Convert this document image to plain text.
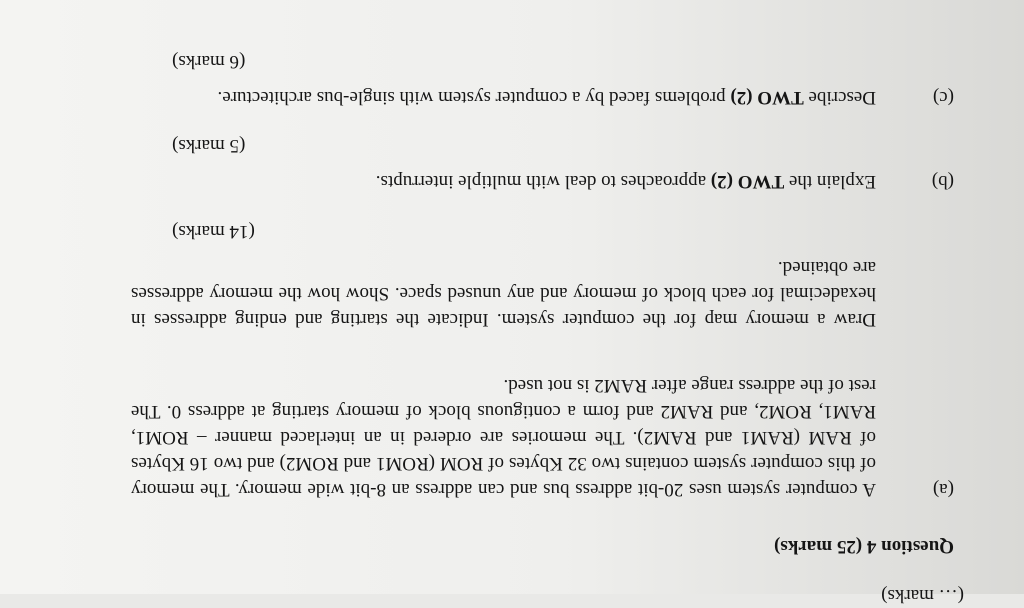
(… marks)
Question 4 (25 marks)
(a)

A computer system uses 20-bit address bus and can address an 8-bit wide memory. The memory of this computer system contains two 32 Kbytes of ROM (ROM1 and ROM2) and two 16 Kbytes of RAM (RAM1 and RAM2). The memories are ordered in an interlaced manner – ROM1, RAM1, ROM2, and RAM2 and form a contiguous block of memory starting at address 0. The rest of the address range after RAM2 is not used.

Draw a memory map for the computer system. Indicate the starting and ending addresses in hexadecimal for each block of memory and any unused space. Show how the memory addresses are obtained.

(14 marks)
(b)
Explain the TWO (2) approaches to deal with multiple interrupts.
(5 marks)
(c)
Describe TWO (2) problems faced by a computer system with single-bus architecture.
(6 marks)
